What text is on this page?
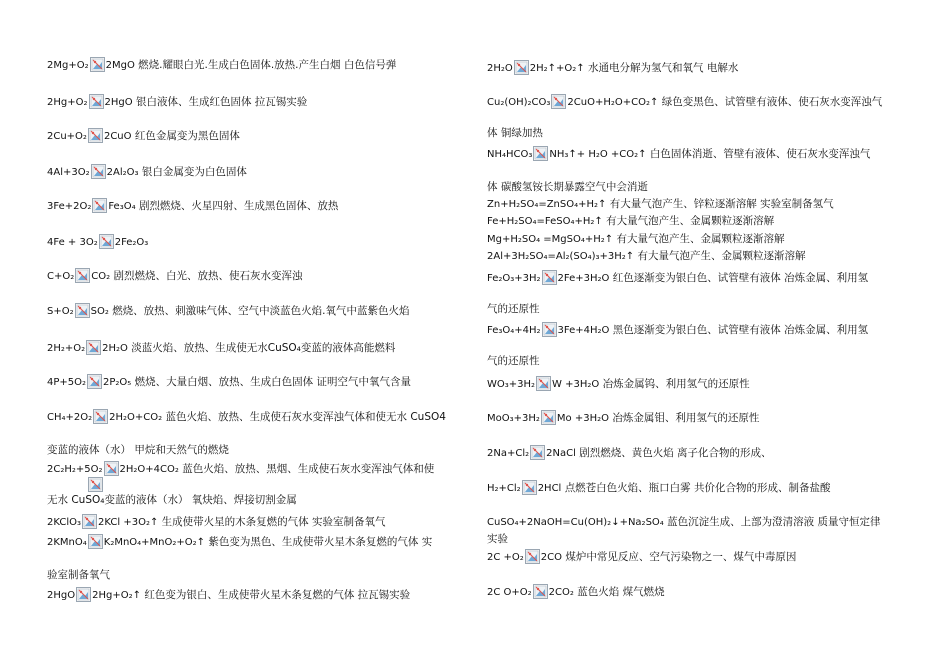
2Mg+O₂ 2MgO 燃烧.耀眼白光.生成白色固体.放热.产生白烟 白色信号弹
2Hg+O₂ 2HgO 银白液体、生成红色固体 拉瓦锡实验
2Cu+O₂ 2CuO 红色金属变为黑色固体
4Al+3O₂ 2Al₂O₃ 银白金属变为白色固体
3Fe+2O₂ Fe₃O₄ 剧烈燃烧、火星四射、生成黑色固体、放热
4Fe + 3O₂ 2Fe₂O₃
C+O₂ CO₂ 剧烈燃烧、白光、放热、使石灰水变浑浊
S+O₂ SO₂ 燃烧、放热、刺激味气体、空气中淡蓝色火焰.氧气中蓝紫色火焰
2H₂+O₂ 2H₂O 淡蓝火焰、放热、生成使无水CuSO₄变蓝的液体高能燃料
4P+5O₂ 2P₂O₅ 燃烧、大量白烟、放热、生成白色固体 证明空气中氧气含量
CH₄+2O₂ 2H₂O+CO₂ 蓝色火焰、放热、生成使石灰水变浑浊气体和使无水 CuSO4
变蓝的液体（水） 甲烷和天然气的燃烧
2C₂H₂+5O₂ 2H₂O+4CO₂ 蓝色火焰、放热、黑烟、生成使石灰水变浑浊气体和使
无水 CuSO₄变蓝的液体（水） 氧炔焰、焊接切割金属
2KClO₃ 2KCl +3O₂↑ 生成使带火星的木条复燃的气体 实验室制备氧气
2KMnO₄ K₂MnO₄+MnO₂+O₂↑ 紫色变为黑色、生成使带火星木条复燃的气体 实
验室制备氧气
2HgO 2Hg+O₂↑ 红色变为银白、生成使带火星木条复燃的气体 拉瓦锡实验
2H₂O 2H₂↑+O₂↑ 水通电分解为氢气和氧气 电解水
Cu₂(OH)₂CO₃ 2CuO+H₂O+CO₂↑ 绿色变黑色、试管壁有液体、使石灰水变浑浊气
体 铜绿加热
NH₄HCO₃ NH₃↑+ H₂O +CO₂↑ 白色固体消逝、管壁有液体、使石灰水变浑浊气
体 碳酸氢铵长期暴露空气中会消逝
Zn+H₂SO₄=ZnSO₄+H₂↑ 有大量气泡产生、锌粒逐渐溶解 实验室制备氢气
Fe+H₂SO₄=FeSO₄+H₂↑ 有大量气泡产生、金属颗粒逐渐溶解
Mg+H₂SO₄ =MgSO₄+H₂↑ 有大量气泡产生、金属颗粒逐渐溶解
2Al+3H₂SO₄=Al₂(SO₄)₃+3H₂↑ 有大量气泡产生、金属颗粒逐渐溶解
Fe₂O₃+3H₂ 2Fe+3H₂O 红色逐渐变为银白色、试管壁有液体 冶炼金属、利用氢
气的还原性
Fe₃O₄+4H₂ 3Fe+4H₂O 黑色逐渐变为银白色、试管壁有液体 冶炼金属、利用氢
气的还原性
WO₃+3H₂ W +3H₂O 冶炼金属钨、利用氢气的还原性
MoO₃+3H₂ Mo +3H₂O 冶炼金属钼、利用氢气的还原性
2Na+Cl₂ 2NaCl 剧烈燃烧、黄色火焰 离子化合物的形成、
H₂+Cl₂ 2HCl 点燃苍白色火焰、瓶口白雾 共价化合物的形成、制备盐酸
CuSO₄+2NaOH=Cu(OH)₂↓+Na₂SO₄ 蓝色沉淀生成、上部为澄清溶液 质量守恒定律
实验
2C +O₂ 2CO 煤炉中常见反应、空气污染物之一、煤气中毒原因
2C O+O₂ 2CO₂ 蓝色火焰 煤气燃烧
